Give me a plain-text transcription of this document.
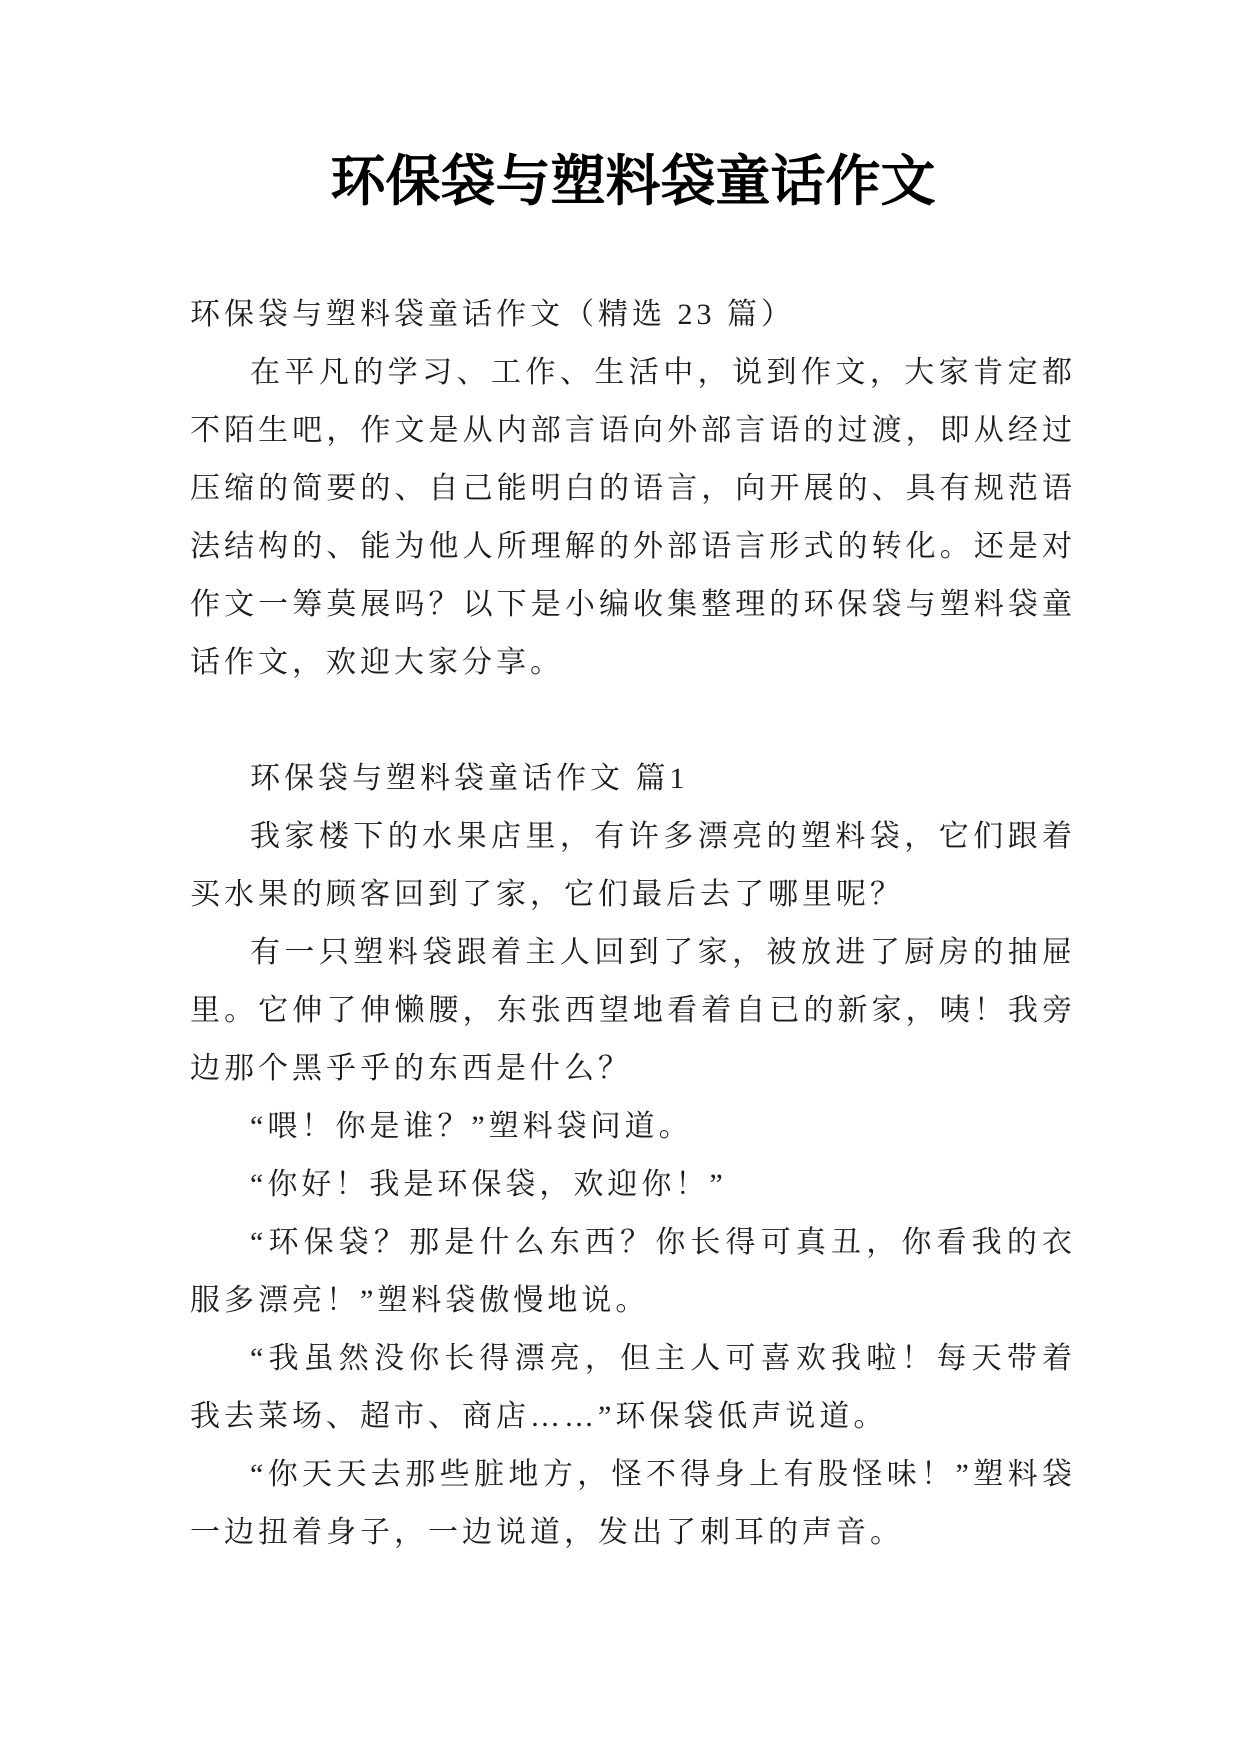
环保袋与塑料袋童话作文

环保袋与塑料袋童话作文（精选 23 篇）

在平凡的学习、工作、生活中，说到作文，大家肯定都不陌生吧，作文是从内部言语向外部言语的过渡，即从经过压缩的简要的、自己能明白的语言，向开展的、具有规范语法结构的、能为他人所理解的外部语言形式的转化。还是对作文一筹莫展吗？以下是小编收集整理的环保袋与塑料袋童话作文，欢迎大家分享。

环保袋与塑料袋童话作文 篇1

我家楼下的水果店里，有许多漂亮的塑料袋，它们跟着买水果的顾客回到了家，它们最后去了哪里呢？

有一只塑料袋跟着主人回到了家，被放进了厨房的抽屉里。它伸了伸懒腰，东张西望地看着自已的新家，咦！我旁边那个黑乎乎的东西是什么？

“喂！你是谁？”塑料袋问道。

“你好！我是环保袋，欢迎你！”

“环保袋？那是什么东西？你长得可真丑，你看我的衣服多漂亮！”塑料袋傲慢地说。

“我虽然没你长得漂亮，但主人可喜欢我啦！每天带着我去菜场、超市、商店……”环保袋低声说道。

“你天天去那些脏地方，怪不得身上有股怪味！”塑料袋一边扭着身子，一边说道，发出了刺耳的声音。
